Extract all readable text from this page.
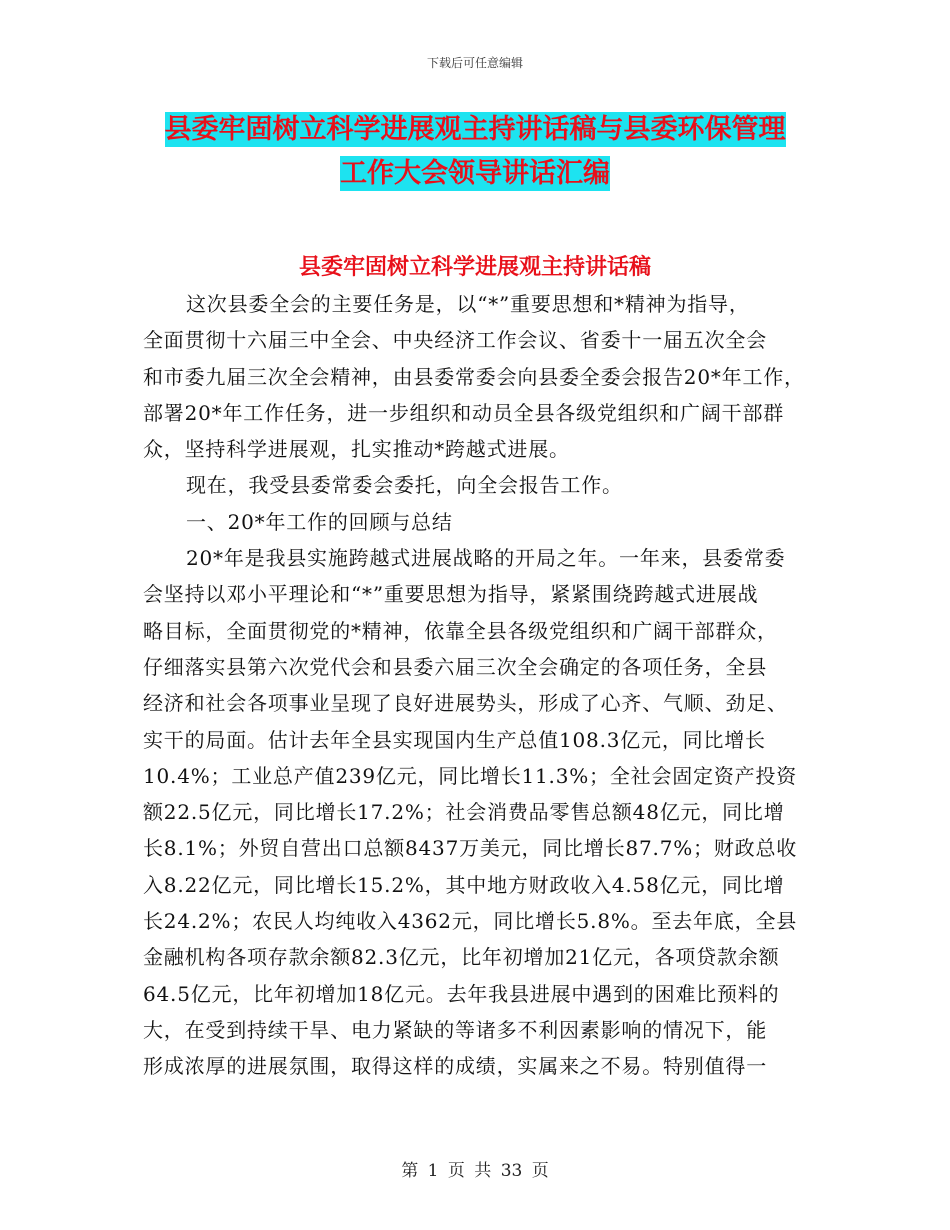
下载后可任意编辑
县委牢固树立科学进展观主持讲话稿与县委环保管理
工作大会领导讲话汇编
县委牢固树立科学进展观主持讲话稿
这次县委全会的主要任务是，以“*”重要思想和*精神为指导，
全面贯彻十六届三中全会、中央经济工作会议、省委十一届五次全会
和市委九届三次全会精神，由县委常委会向县委全委会报告20*年工作，
部署20*年工作任务，进一步组织和动员全县各级党组织和广阔干部群
众，坚持科学进展观，扎实推动*跨越式进展。
现在，我受县委常委会委托，向全会报告工作。
一、20*年工作的回顾与总结
20*年是我县实施跨越式进展战略的开局之年。一年来，县委常委
会坚持以邓小平理论和“*”重要思想为指导，紧紧围绕跨越式进展战
略目标，全面贯彻党的*精神，依靠全县各级党组织和广阔干部群众，
仔细落实县第六次党代会和县委六届三次全会确定的各项任务，全县
经济和社会各项事业呈现了良好进展势头，形成了心齐、气顺、劲足、
实干的局面。估计去年全县实现国内生产总值108.3亿元，同比增长
10.4%；工业总产值239亿元，同比增长11.3%；全社会固定资产投资
额22.5亿元，同比增长17.2%；社会消费品零售总额48亿元，同比增
长8.1%；外贸自营出口总额8437万美元，同比增长87.7%；财政总收
入8.22亿元，同比增长15.2%，其中地方财政收入4.58亿元，同比增
长24.2%；农民人均纯收入4362元，同比增长5.8%。至去年底，全县
金融机构各项存款余额82.3亿元，比年初增加21亿元，各项贷款余额
64.5亿元，比年初增加18亿元。去年我县进展中遇到的困难比预料的
大，在受到持续干旱、电力紧缺的等诸多不利因素影响的情况下，能
形成浓厚的进展氛围，取得这样的成绩，实属来之不易。特别值得一
第 1 页 共 33 页
